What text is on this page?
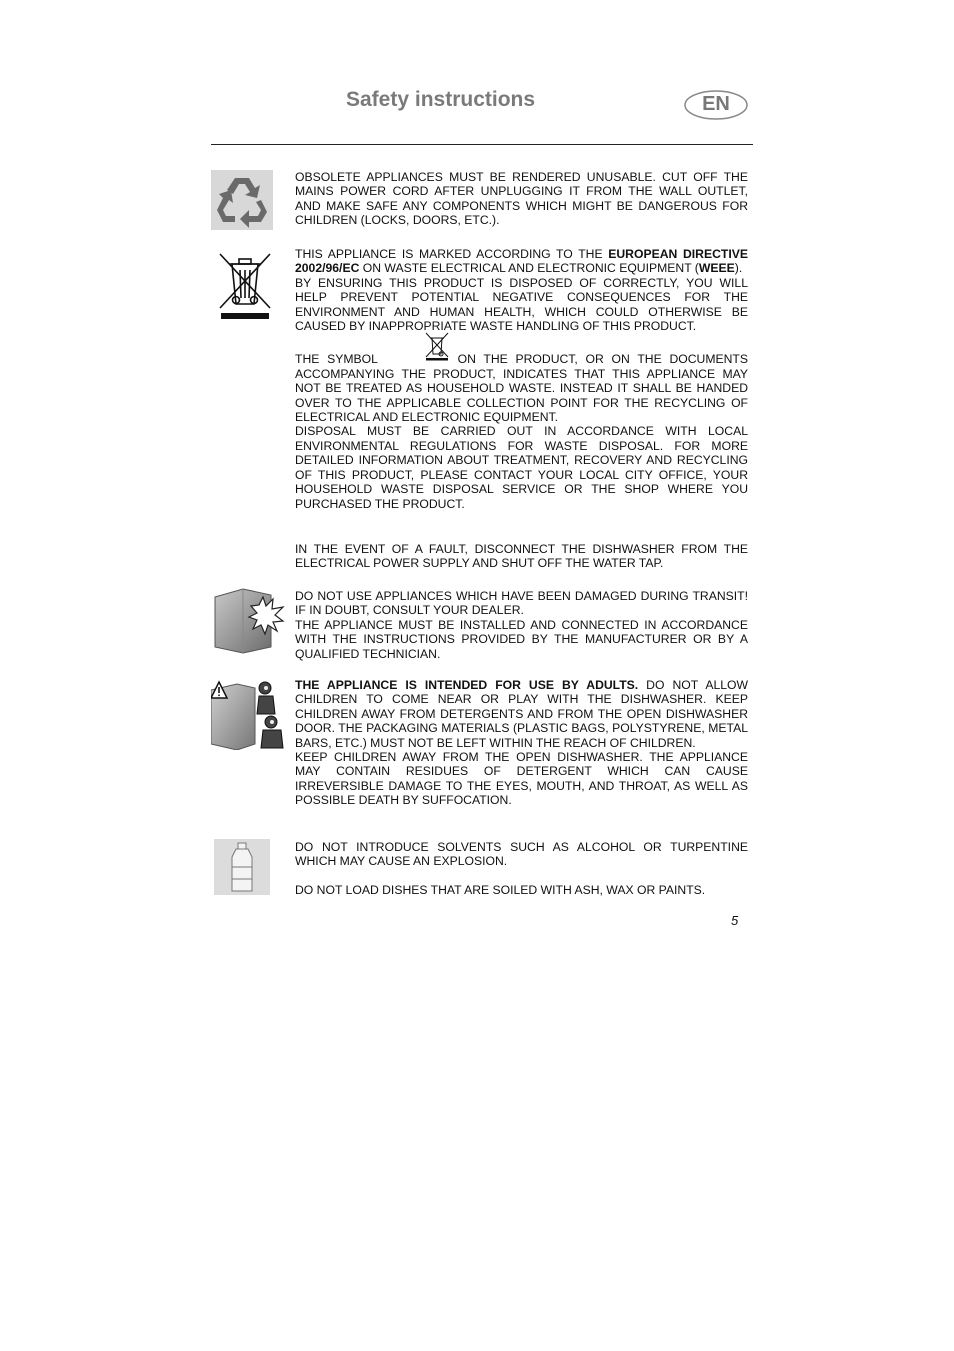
Safety instructions	EN

OBSOLETE APPLIANCES MUST BE RENDERED UNUSABLE. CUT OFF THE MAINS POWER CORD AFTER UNPLUGGING IT FROM THE WALL OUTLET, AND MAKE SAFE ANY COMPONENTS WHICH MIGHT BE DANGEROUS FOR CHILDREN (LOCKS, DOORS, ETC.).

THIS APPLIANCE IS MARKED ACCORDING TO THE EUROPEAN DIRECTIVE 2002/96/EC ON WASTE ELECTRICAL AND ELECTRONIC EQUIPMENT (WEEE).

BY ENSURING THIS PRODUCT IS DISPOSED OF CORRECTLY, YOU WILL HELP PREVENT POTENTIAL NEGATIVE CONSEQUENCES FOR THE ENVIRONMENT AND HUMAN HEALTH, WHICH COULD OTHERWISE BE CAUSED BY INAPPROPRIATE WASTE HANDLING OF THIS PRODUCT.

THE SYMBOL	ON THE PRODUCT, OR ON THE DOCUMENTS ACCOMPANYING THE PRODUCT, INDICATES THAT THIS APPLIANCE MAY NOT BE TREATED AS HOUSEHOLD WASTE. INSTEAD IT SHALL BE HANDED OVER TO THE APPLICABLE COLLECTION POINT FOR THE RECYCLING OF ELECTRICAL AND ELECTRONIC EQUIPMENT.

DISPOSAL MUST BE CARRIED OUT IN ACCORDANCE WITH LOCAL ENVIRONMENTAL REGULATIONS FOR WASTE DISPOSAL. FOR MORE DETAILED INFORMATION ABOUT TREATMENT, RECOVERY AND RECYCLING OF THIS PRODUCT, PLEASE CONTACT YOUR LOCAL CITY OFFICE, YOUR HOUSEHOLD WASTE DISPOSAL SERVICE OR THE SHOP WHERE YOU PURCHASED THE PRODUCT.

IN THE EVENT OF A FAULT, DISCONNECT THE DISHWASHER FROM THE ELECTRICAL POWER SUPPLY AND SHUT OFF THE WATER TAP.

DO NOT USE APPLIANCES WHICH HAVE BEEN DAMAGED DURING TRANSIT! IF IN DOUBT, CONSULT YOUR DEALER.

THE APPLIANCE MUST BE INSTALLED AND CONNECTED IN ACCORDANCE WITH THE INSTRUCTIONS PROVIDED BY THE MANUFACTURER OR BY A QUALIFIED TECHNICIAN.

THE APPLIANCE IS INTENDED FOR USE BY ADULTS. DO NOT ALLOW CHILDREN TO COME NEAR OR PLAY WITH THE DISHWASHER. KEEP CHILDREN AWAY FROM DETERGENTS AND FROM THE OPEN DISHWASHER DOOR. THE PACKAGING MATERIALS (PLASTIC BAGS, POLYSTYRENE, METAL BARS, ETC.) MUST NOT BE LEFT WITHIN THE REACH OF CHILDREN.

KEEP CHILDREN AWAY FROM THE OPEN DISHWASHER. THE APPLIANCE MAY CONTAIN RESIDUES OF DETERGENT WHICH CAN CAUSE IRREVERSIBLE DAMAGE TO THE EYES, MOUTH, AND THROAT, AS WELL AS POSSIBLE DEATH BY SUFFOCATION.

DO NOT INTRODUCE SOLVENTS SUCH AS ALCOHOL OR TURPENTINE WHICH MAY CAUSE AN EXPLOSION.

DO NOT LOAD DISHES THAT ARE SOILED WITH ASH, WAX OR PAINTS.

5
